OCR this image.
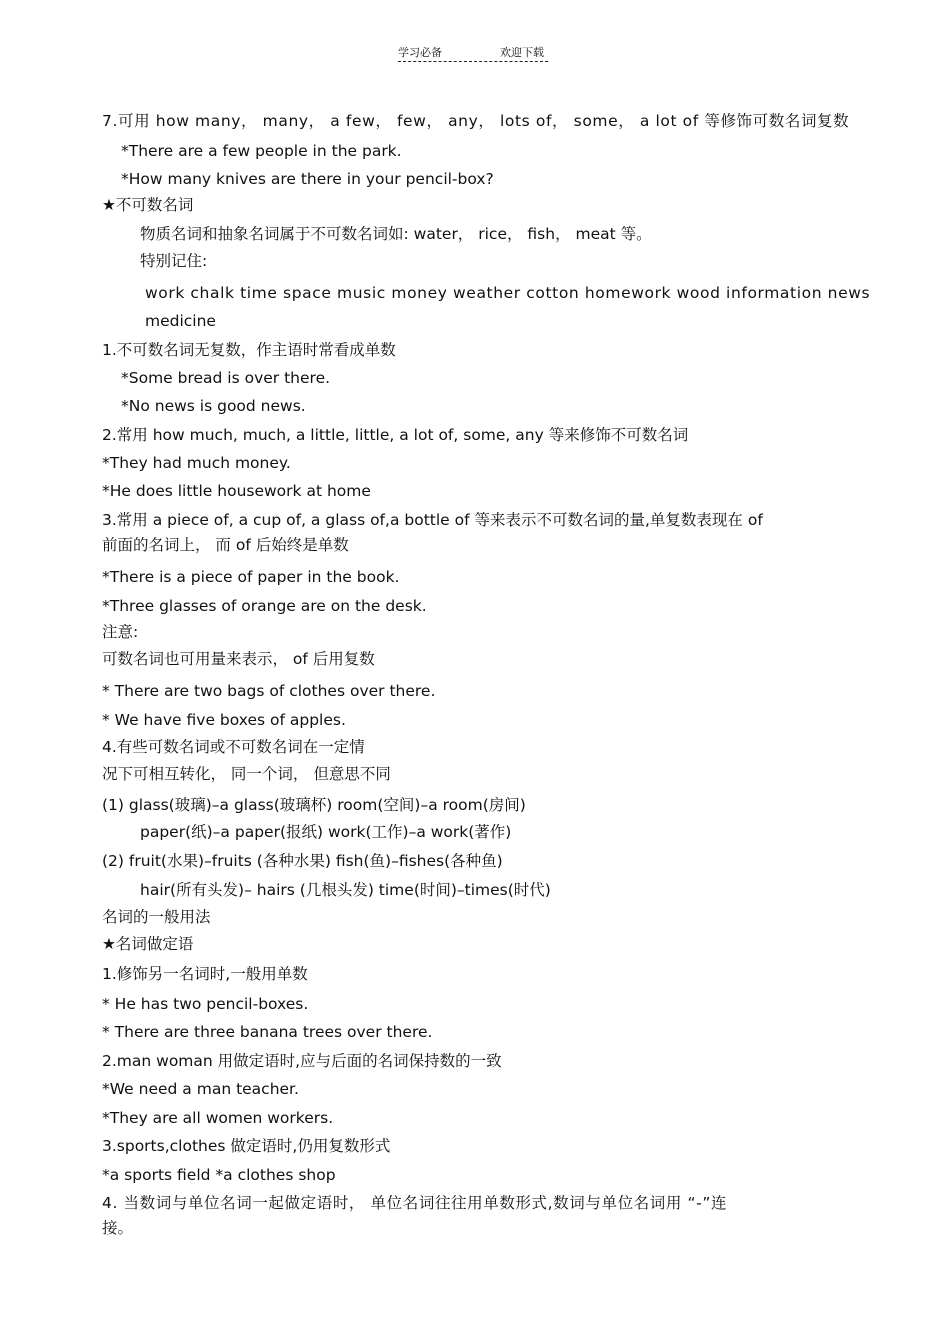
学习必备	欢迎下载
7.可用 how many， many， a few， few， any， lots of， some， a lot of 等修饰可数名词复数
*There are a few people in the park.
*How many knives are there in your pencil-box?
★不可数名词
物质名词和抽象名词属于不可数名词如: water， rice， fish， meat 等。
特别记住:
work chalk time space music money weather cotton homework wood information news
medicine
1.不可数名词无复数，作主语时常看成单数
*Some bread is over there.
*No news is good news.
2.常用 how much, much, a little, little, a lot of, some, any 等来修饰不可数名词
*They had much money.
*He does little housework at home
3.常用 a piece of, a cup of, a glass of,a bottle of 等来表示不可数名词的量,单复数表现在 of
前面的名词上， 而 of 后始终是单数
*There is a piece of paper in the book.
*Three glasses of orange are on the desk.
注意:
可数名词也可用量来表示， of 后用复数
* There are two bags of clothes over there.
* We have five boxes of apples.
4.有些可数名词或不可数名词在一定情
况下可相互转化， 同一个词， 但意思不同
(1) glass(玻璃)–a glass(玻璃杯) room(空间)–a room(房间)
paper(纸)–a paper(报纸) work(工作)–a work(著作)
(2) fruit(水果)–fruits (各种水果) fish(鱼)–fishes(各种鱼)
hair(所有头发)– hairs (几根头发) time(时间)–times(时代)
名词的一般用法
★名词做定语
1.修饰另一名词时,一般用单数
* He has two pencil-boxes.
* There are three banana trees over there.
2.man woman 用做定语时,应与后面的名词保持数的一致
*We need a man teacher.
*They are all women workers.
3.sports,clothes 做定语时,仍用复数形式
*a sports field *a clothes shop
4. 当数词与单位名词一起做定语时， 单位名词往往用单数形式,数词与单位名词用 “-”连
接。
